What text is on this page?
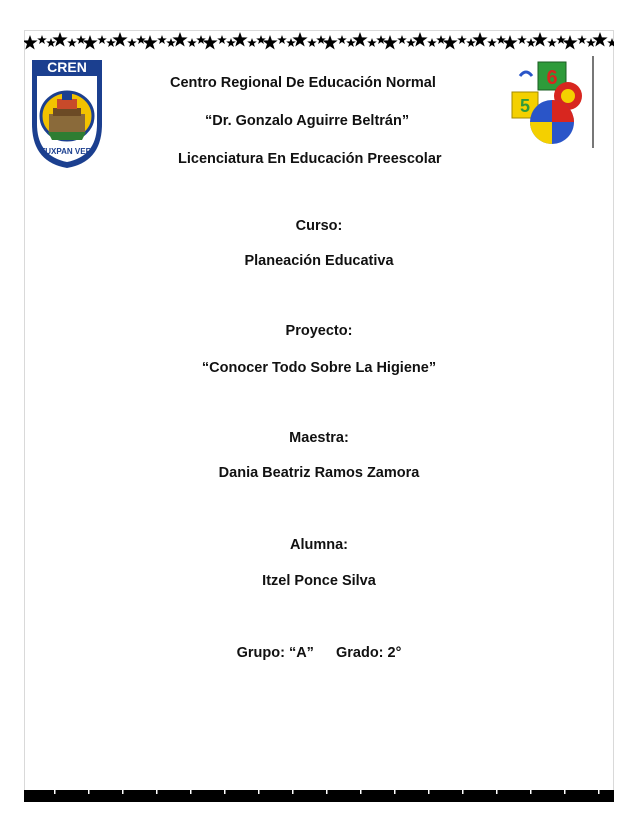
CREN
TUXPAN VER.
6
5
Centro Regional De Educación Normal
“Dr. Gonzalo Aguirre Beltrán”
Licenciatura En Educación Preescolar
Curso:
Planeación Educativa
Proyecto:
“Conocer Todo Sobre La Higiene”
Maestra:
Dania Beatriz Ramos Zamora
Alumna:
Itzel Ponce Silva
Grupo: “A” Grado: 2°
